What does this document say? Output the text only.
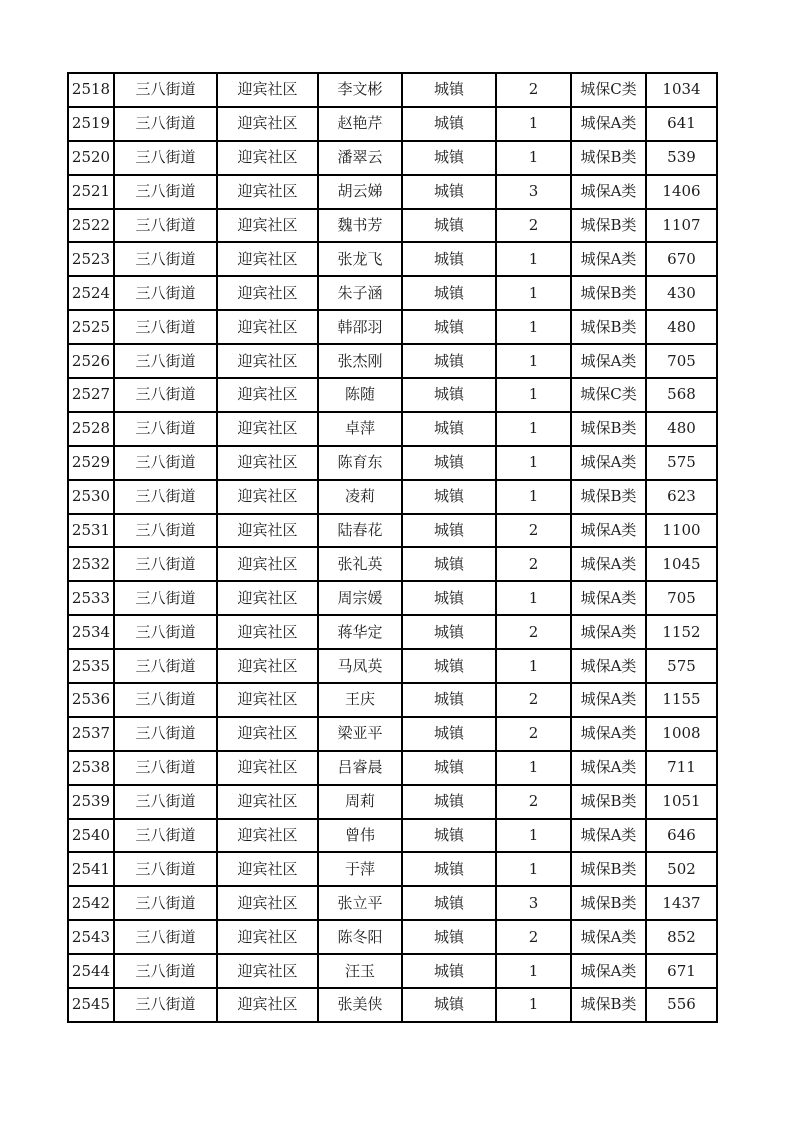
2518	三八街道	迎宾社区	李文彬	城镇	2	城保C类	1034
2519	三八街道	迎宾社区	赵艳芹	城镇	1	城保A类	641
2520	三八街道	迎宾社区	潘翠云	城镇	1	城保B类	539
2521	三八街道	迎宾社区	胡云娣	城镇	3	城保A类	1406
2522	三八街道	迎宾社区	魏书芳	城镇	2	城保B类	1107
2523	三八街道	迎宾社区	张龙飞	城镇	1	城保A类	670
2524	三八街道	迎宾社区	朱子涵	城镇	1	城保B类	430
2525	三八街道	迎宾社区	韩邵羽	城镇	1	城保B类	480
2526	三八街道	迎宾社区	张杰刚	城镇	1	城保A类	705
2527	三八街道	迎宾社区	陈随	城镇	1	城保C类	568
2528	三八街道	迎宾社区	卓萍	城镇	1	城保B类	480
2529	三八街道	迎宾社区	陈育东	城镇	1	城保A类	575
2530	三八街道	迎宾社区	凌莉	城镇	1	城保B类	623
2531	三八街道	迎宾社区	陆春花	城镇	2	城保A类	1100
2532	三八街道	迎宾社区	张礼英	城镇	2	城保A类	1045
2533	三八街道	迎宾社区	周宗媛	城镇	1	城保A类	705
2534	三八街道	迎宾社区	蒋华定	城镇	2	城保A类	1152
2535	三八街道	迎宾社区	马凤英	城镇	1	城保A类	575
2536	三八街道	迎宾社区	王庆	城镇	2	城保A类	1155
2537	三八街道	迎宾社区	梁亚平	城镇	2	城保A类	1008
2538	三八街道	迎宾社区	吕睿晨	城镇	1	城保A类	711
2539	三八街道	迎宾社区	周莉	城镇	2	城保B类	1051
2540	三八街道	迎宾社区	曾伟	城镇	1	城保A类	646
2541	三八街道	迎宾社区	于萍	城镇	1	城保B类	502
2542	三八街道	迎宾社区	张立平	城镇	3	城保B类	1437
2543	三八街道	迎宾社区	陈冬阳	城镇	2	城保A类	852
2544	三八街道	迎宾社区	汪玉	城镇	1	城保A类	671
2545	三八街道	迎宾社区	张美侠	城镇	1	城保B类	556
